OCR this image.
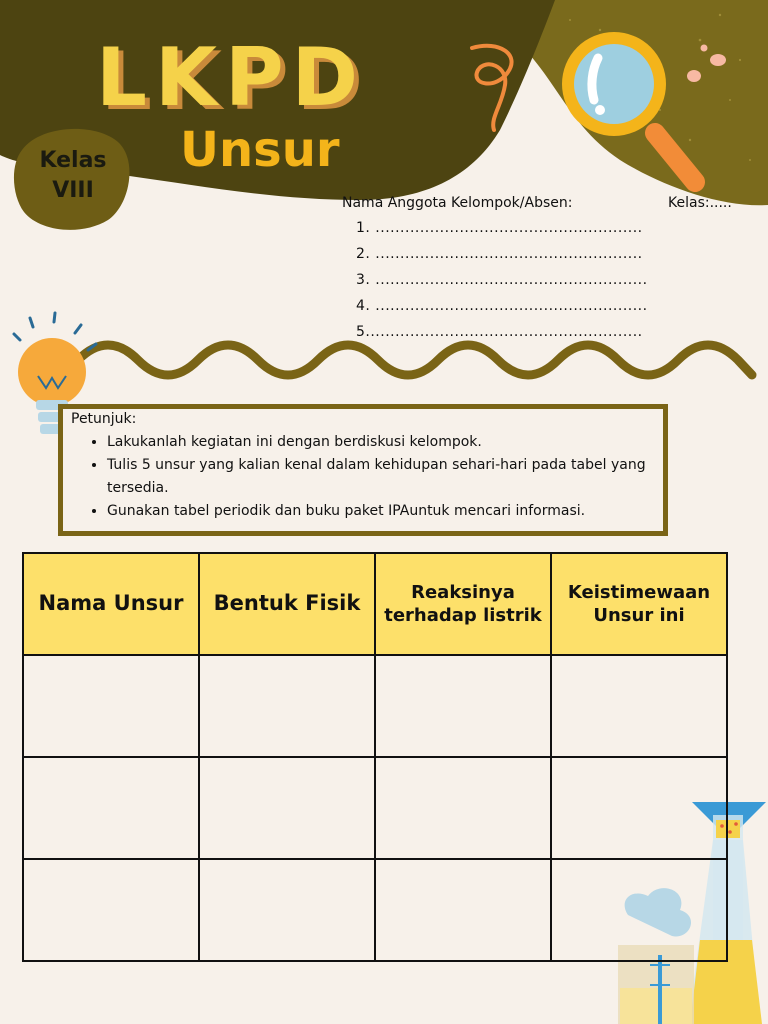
LKPD
Unsur
Kelas
VIII	Nama Anggota Kelompok/Absen:	Kelas:.....
1. ......................................................
2. ......................................................
3. .......................................................
4. .......................................................
5........................................................
Petunjuk:
• Lakukanlah kegiatan ini dengan berdiskusi kelompok.
• Tulis 5 unsur yang kalian kenal dalam kehidupan sehari-hari pada tabel yang tersedia.
• Gunakan tabel periodik dan buku paket IPAuntuk mencari informasi.
Nama Unsur	Bentuk Fisik	Reaksinya terhadap listrik	Keistimewaan Unsur ini
